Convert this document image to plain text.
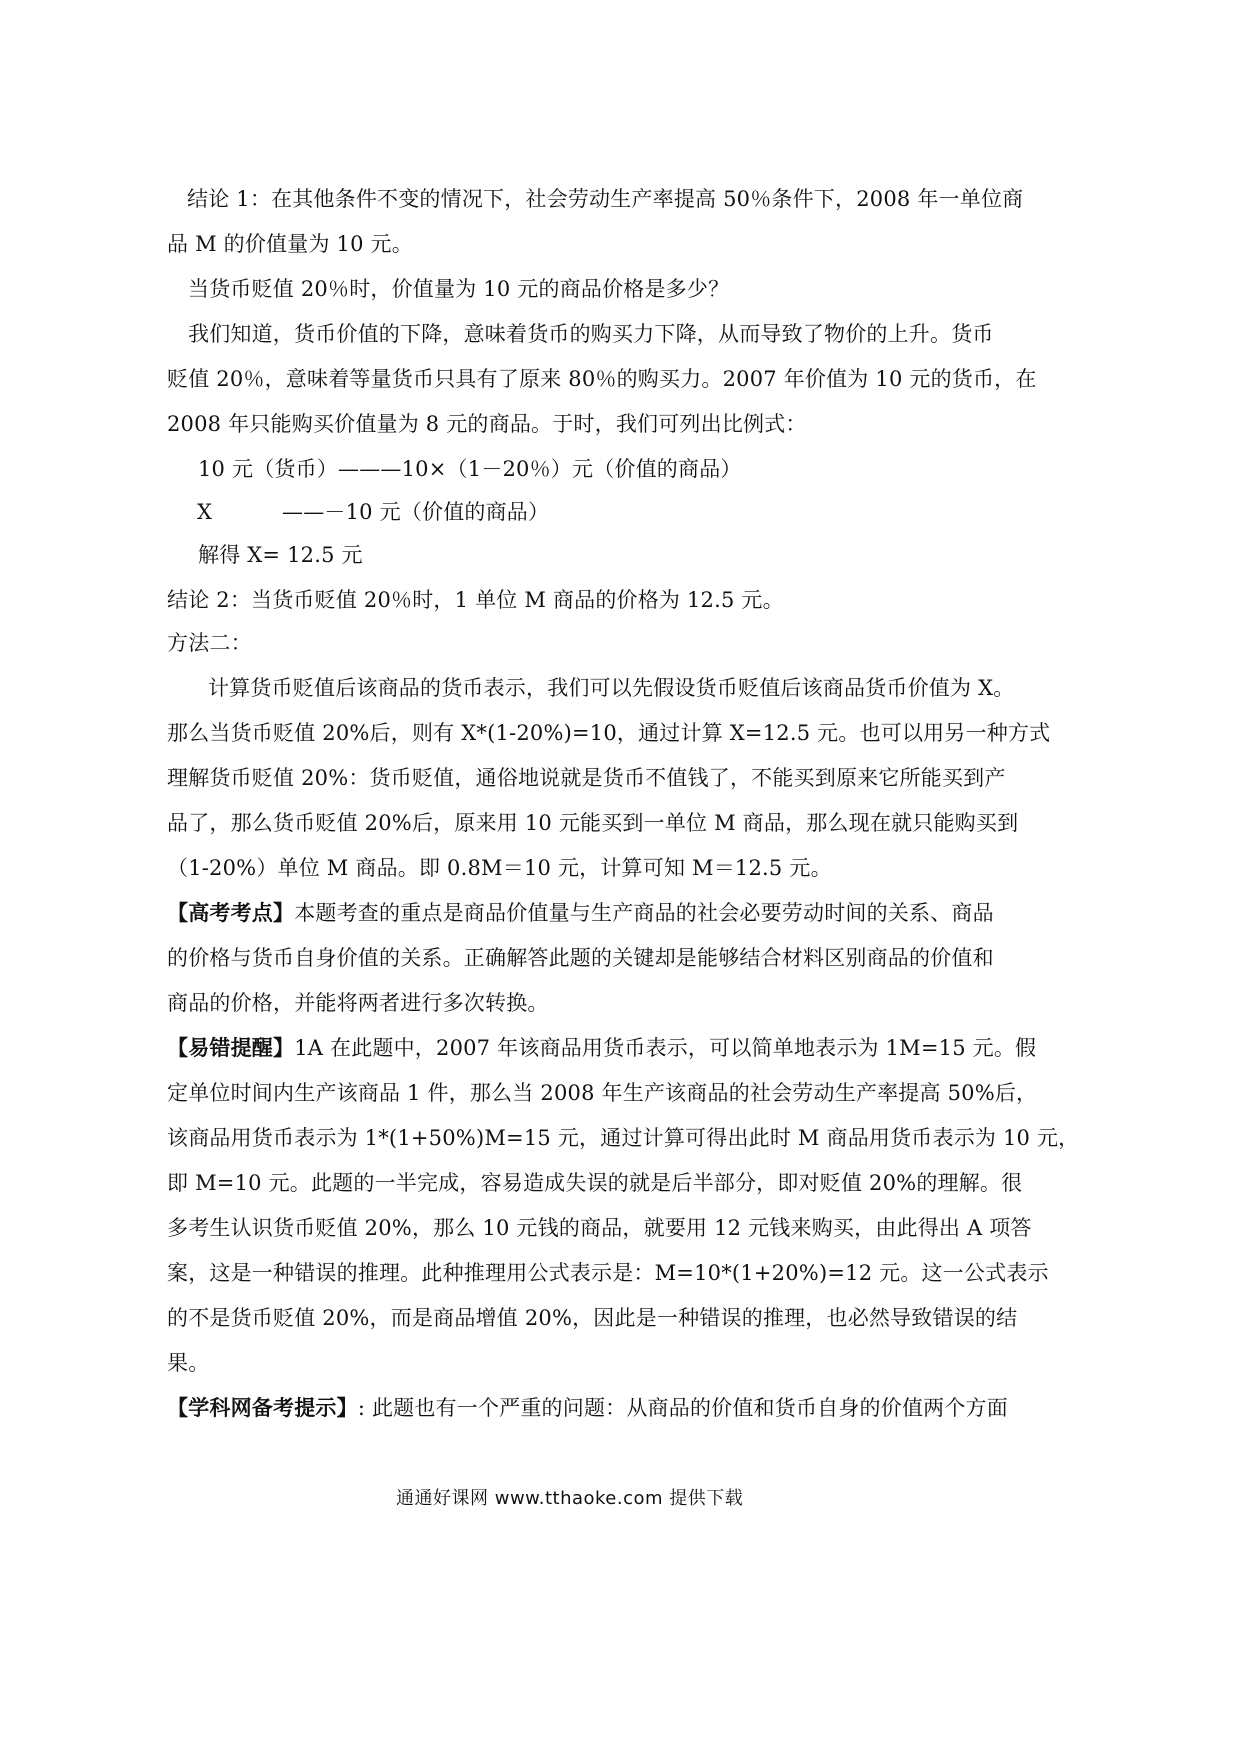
结论 1：在其他条件不变的情况下，社会劳动生产率提高 50％条件下，2008 年一单位商
品 M 的价值量为 10 元。
当货币贬值 20％时，价值量为 10 元的商品价格是多少？
我们知道，货币价值的下降，意味着货币的购买力下降，从而导致了物价的上升。货币
贬值 20％，意味着等量货币只具有了原来 80％的购买力。2007 年价值为 10 元的货币，在
2008 年只能购买价值量为 8 元的商品。于时，我们可列出比例式：
10 元（货币）———10×（1－20％）元（价值的商品）
X	——－10 元（价值的商品）
解得 X= 12.5 元
结论 2：当货币贬值 20％时，1 单位 M 商品的价格为 12.5 元。
方法二：
计算货币贬值后该商品的货币表示，我们可以先假设货币贬值后该商品货币价值为 X。
那么当货币贬值 20%后，则有 X*(1-20%)=10，通过计算 X=12.5 元。也可以用另一种方式
理解货币贬值 20%：货币贬值，通俗地说就是货币不值钱了，不能买到原来它所能买到产
品了，那么货币贬值 20%后，原来用 10 元能买到一单位 M 商品，那么现在就只能购买到
（1-20%）单位 M 商品。即 0.8M＝10 元，计算可知 M＝12.5 元。
【高考考点】本题考查的重点是商品价值量与生产商品的社会必要劳动时间的关系、商品
的价格与货币自身价值的关系。正确解答此题的关键却是能够结合材料区别商品的价值和
商品的价格，并能将两者进行多次转换。
【易错提醒】1A 在此题中，2007 年该商品用货币表示，可以简单地表示为 1M=15 元。假
定单位时间内生产该商品 1 件，那么当 2008 年生产该商品的社会劳动生产率提高 50%后，
该商品用货币表示为 1*(1+50%)M=15 元，通过计算可得出此时 M 商品用货币表示为 10 元，
即 M=10 元。此题的一半完成，容易造成失误的就是后半部分，即对贬值 20%的理解。很
多考生认识货币贬值 20%，那么 10 元钱的商品，就要用 12 元钱来购买，由此得出 A 项答
案，这是一种错误的推理。此种推理用公式表示是：M=10*(1+20%)=12 元。这一公式表示
的不是货币贬值 20%，而是商品增值 20%，因此是一种错误的推理，也必然导致错误的结
果。
【学科网备考提示】: 此题也有一个严重的问题：从商品的价值和货币自身的价值两个方面
通通好课网 www.tthaoke.com 提供下载
